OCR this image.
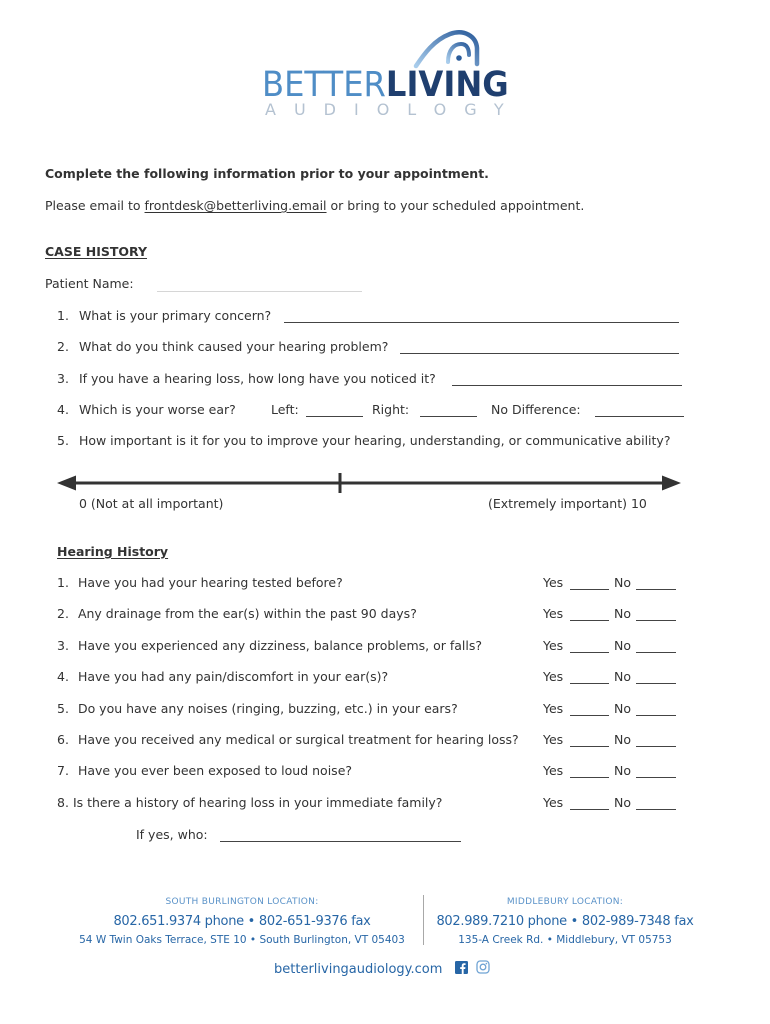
BETTERLIVING
AUDIOLOGY
Complete the following information prior to your appointment.
Please email to frontdesk@betterliving.email or bring to your scheduled appointment.
CASE HISTORY
Patient Name:
1. What is your primary concern?
2. What do you think caused your hearing problem?
3. If you have a hearing loss, how long have you noticed it?
4. Which is your worse ear?	Left:	Right:	No Difference:
5. How important is it for you to improve your hearing, understanding, or communicative ability?
0 (Not at all important)	(Extremely important) 10
Hearing History
1. Have you had your hearing tested before?	Yes	No
2. Any drainage from the ear(s) within the past 90 days?	Yes	No
3. Have you experienced any dizziness, balance problems, or falls?	Yes	No
4. Have you had any pain/discomfort in your ear(s)?	Yes	No
5. Do you have any noises (ringing, buzzing, etc.) in your ears?	Yes	No
6. Have you received any medical or surgical treatment for hearing loss? Yes	No
7. Have you ever been exposed to loud noise?	Yes	No
8. Is there a history of hearing loss in your immediate family?	Yes	No
If yes, who:
SOUTH BURLINGTON LOCATION:
802.651.9374 phone • 802-651-9376 fax
54 W Twin Oaks Terrace, STE 10 • South Burlington, VT 05403
MIDDLEBURY LOCATION:
802.989.7210 phone • 802-989-7348 fax
135-A Creek Rd. • Middlebury, VT 05753
betterlivingaudiology.com
